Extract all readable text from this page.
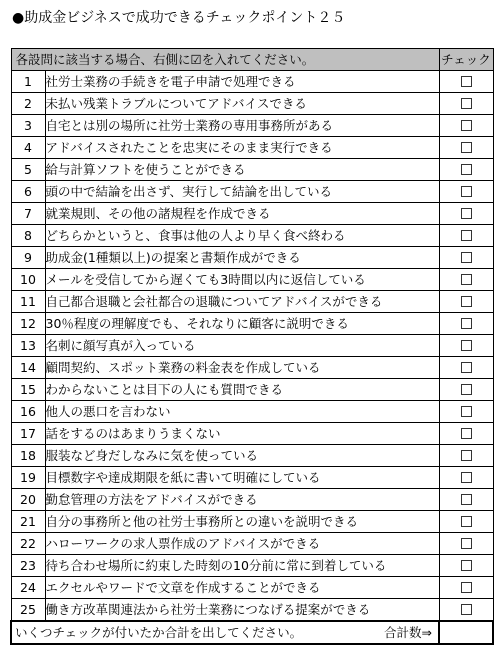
●助成金ビジネスで成功できるチェックポイント２５
各設問に該当する場合、右側に☑を入れてください。		チェック
1	社労士業務の手続きを電子申請で処理できる	
2	未払い残業トラブルについてアドバイスできる	
3	自宅とは別の場所に社労士業務の専用事務所がある	
4	アドバイスされたことを忠実にそのまま実行できる	
5	給与計算ソフトを使うことができる	
6	頭の中で結論を出さず、実行して結論を出している	
7	就業規則、その他の諸規程を作成できる	
8	どちらかというと、食事は他の人より早く食べ終わる	
9	助成金(1種類以上)の提案と書類作成ができる	
10	メールを受信してから遅くても3時間以内に返信している	
11	自己都合退職と会社都合の退職についてアドバイスができる	
12	30％程度の理解度でも、それなりに顧客に説明できる	
13	名刺に顔写真が入っている	
14	顧問契約、スポット業務の料金表を作成している	
15	わからないことは目下の人にも質問できる	
16	他人の悪口を言わない	
17	話をするのはあまりうまくない	
18	服装など身だしなみに気を使っている	
19	目標数字や達成期限を紙に書いて明確にしている	
20	勤怠管理の方法をアドバイスができる	
21	自分の事務所と他の社労士事務所との違いを説明できる	
22	ハローワークの求人票作成のアドバイスができる	
23	待ち合わせ場所に約束した時刻の10分前に常に到着している	
24	エクセルやワードで文章を作成することができる	
25	働き方改革関連法から社労士業務につなげる提案ができる	

いくつチェックが付いたか合計を出してください。 合計数⇒		
